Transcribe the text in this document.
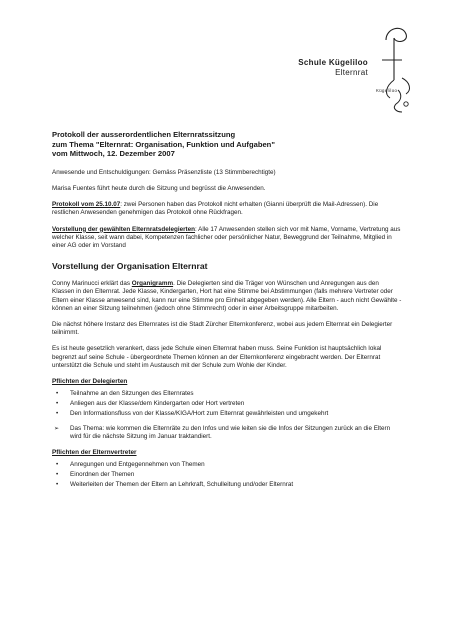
Schule Kügeliloo
Elternrat
Kügeliloo
Protokoll der ausserordentlichen Elternratssitzung
zum Thema "Elternrat: Organisation, Funktion und Aufgaben"
vom Mittwoch, 12. Dezember 2007

Anwesende und Entschuldigungen: Gemäss Präsenzliste (13 Stimmberechtigte)

Marisa Fuentes führt heute durch die Sitzung und begrüsst die Anwesenden.

Protokoll vom 25.10.07: zwei Personen haben das Protokoll nicht erhalten (Gianni überprüft die Mail-Adressen). Die restlichen Anwesenden genehmigen das Protokoll ohne Rückfragen.

Vorstellung der gewählten Elternratsdelegierten: Alle 17 Anwesenden stellen sich vor mit Name, Vorname, Vertretung aus welcher Klasse, seit wann dabei, Kompetenzen fachlicher oder persönlicher Natur, Beweggrund der Teilnahme, Mitglied in einer AG oder im Vorstand

Vorstellung der Organisation Elternrat

Conny Marinucci erklärt das Organigramm. Die Delegierten sind die Träger von Wünschen und Anregungen aus den Klassen in den Elternrat. Jede Klasse, Kindergarten, Hort hat eine Stimme bei Abstimmungen (falls mehrere Vertreter oder Eltern einer Klasse anwesend sind, kann nur eine Stimme pro Einheit abgegeben werden). Alle Eltern - auch nicht Gewählte - können an einer Sitzung teilnehmen (jedoch ohne Stimmrecht) oder in einer Arbeitsgruppe mitarbeiten.

Die nächst höhere Instanz des Elternrates ist die Stadt Zürcher Elternkonferenz, wobei aus jedem Elternrat ein Delegierter teilnimmt.

Es ist heute gesetzlich verankert, dass jede Schule einen Elternrat haben muss. Seine Funktion ist hauptsächlich lokal begrenzt auf seine Schule - übergeordnete Themen können an der Elternkonferenz eingebracht werden. Der Elternrat unterstützt die Schule und steht im Austausch mit der Schule zum Wohle der Kinder.

Pflichten der Delegierten
• Teilnahme an den Sitzungen des Elternrates
• Anliegen aus der Klasse/dem Kindergarten oder Hort vertreten
• Den Informationsfluss von der Klasse/KIGA/Hort zum Elternrat gewährleisten und umgekehrt
➢ Das Thema: wie kommen die Elternräte zu den Infos und wie leiten sie die Infos der Sitzungen zurück an die Eltern wird für die nächste Sitzung im Januar traktandiert.
Pflichten der Elternvertreter
• Anregungen und Entgegennehmen von Themen
• Einordnen der Themen
• Weiterleiten der Themen der Eltern an Lehrkraft, Schulleitung und/oder Elternrat
